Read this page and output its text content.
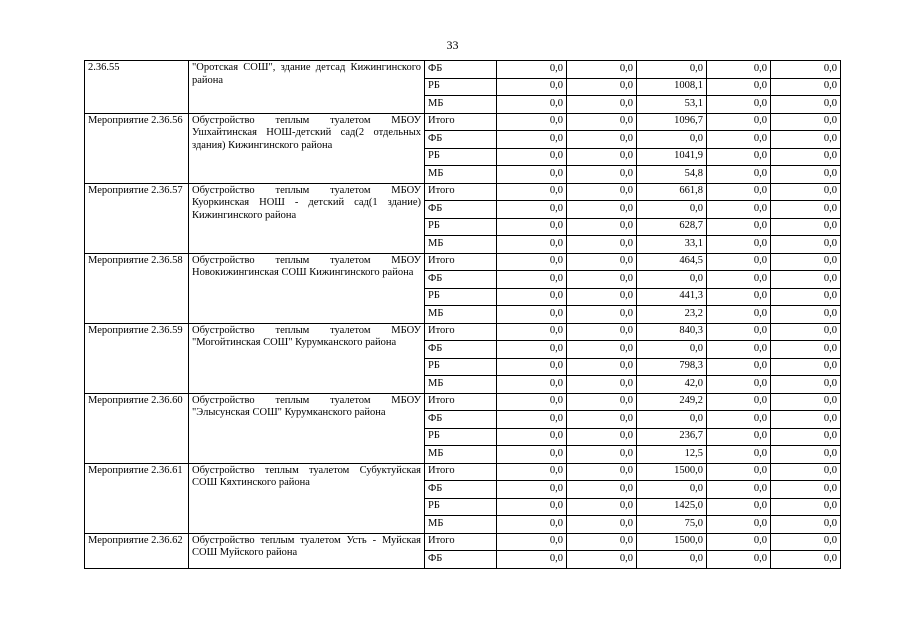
33
2.36.55	"Оротская СОШ", здание детсад Кижингинского района	ФБ	0,0	0,0	0,0	0,0	0,0
		РБ	0,0	0,0	1008,1	0,0	0,0
		МБ	0,0	0,0	53,1	0,0	0,0
Мероприятие 2.36.56	Обустройство теплым туалетом МБОУ Ушхайтинская НОШ-детский сад(2 отдельных здания) Кижингинского района	Итого	0,0	0,0	1096,7	0,0	0,0
		ФБ	0,0	0,0	0,0	0,0	0,0
		РБ	0,0	0,0	1041,9	0,0	0,0
		МБ	0,0	0,0	54,8	0,0	0,0
Мероприятие 2.36.57	Обустройство теплым туалетом МБОУ Куоркинская НОШ - детский сад(1 здание) Кижингинского района	Итого	0,0	0,0	661,8	0,0	0,0
		ФБ	0,0	0,0	0,0	0,0	0,0
		РБ	0,0	0,0	628,7	0,0	0,0
		МБ	0,0	0,0	33,1	0,0	0,0
Мероприятие 2.36.58	Обустройство теплым туалетом МБОУ Новокижингинская СОШ Кижингинского района	Итого	0,0	0,0	464,5	0,0	0,0
		ФБ	0,0	0,0	0,0	0,0	0,0
		РБ	0,0	0,0	441,3	0,0	0,0
		МБ	0,0	0,0	23,2	0,0	0,0
Мероприятие 2.36.59	Обустройство теплым туалетом МБОУ "Могойтинская СОШ" Курумканского района	Итого	0,0	0,0	840,3	0,0	0,0
		ФБ	0,0	0,0	0,0	0,0	0,0
		РБ	0,0	0,0	798,3	0,0	0,0
		МБ	0,0	0,0	42,0	0,0	0,0
Мероприятие 2.36.60	Обустройство теплым туалетом МБОУ "Элысунская СОШ" Курумканского района	Итого	0,0	0,0	249,2	0,0	0,0
		ФБ	0,0	0,0	0,0	0,0	0,0
		РБ	0,0	0,0	236,7	0,0	0,0
		МБ	0,0	0,0	12,5	0,0	0,0
Мероприятие 2.36.61	Обустройство теплым туалетом Субуктуйская СОШ Кяхтинского района	Итого	0,0	0,0	1500,0	0,0	0,0
		ФБ	0,0	0,0	0,0	0,0	0,0
		РБ	0,0	0,0	1425,0	0,0	0,0
		МБ	0,0	0,0	75,0	0,0	0,0
Мероприятие 2.36.62	Обустройство теплым туалетом Усть - Муйская СОШ Муйского района	Итого	0,0	0,0	1500,0	0,0	0,0
		ФБ	0,0	0,0	0,0	0,0	0,0
